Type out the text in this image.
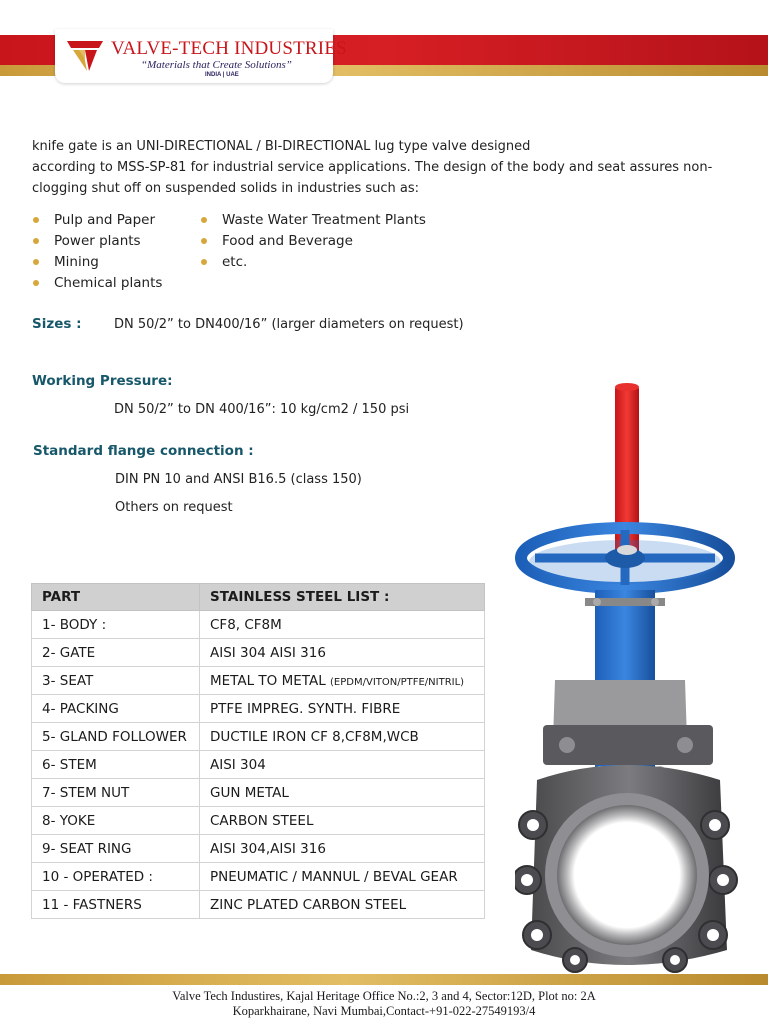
VALVE-TECH INDUSTRIES
“Materials that Create Solutions”
INDIA | UAE
knife gate is an UNI-DIRECTIONAL / BI-DIRECTIONAL lug type valve designed
according to MSS-SP-81 for industrial service applications. The design of the body and seat assures non-
clogging shut off on suspended solids in industries such as:
Pulp and Paper
Power plants
Mining
Chemical plants
Waste Water Treatment Plants
Food and Beverage
etc.
Sizes :	DN 50/2” to DN400/16” (larger diameters on request)
Working Pressure:
DN 50/2” to DN 400/16”: 10 kg/cm2 / 150 psi
Standard flange connection :
DIN PN 10 and ANSI B16.5 (class 150)
Others on request
PART	STAINLESS STEEL LIST :
1- BODY :	CF8, CF8M
2- GATE	AISI 304 AISI 316
3- SEAT	METAL TO METAL (EPDM/VITON/PTFE/NITRIL)
4- PACKING	PTFE IMPREG. SYNTH. FIBRE
5- GLAND FOLLOWER	DUCTILE IRON CF 8,CF8M,WCB
6- STEM	AISI 304
7- STEM NUT	GUN METAL
8- YOKE	CARBON STEEL
9- SEAT RING	AISI 304,AISI 316
10 - OPERATED :	PNEUMATIC / MANNUL / BEVAL GEAR
11 - FASTNERS	ZINC PLATED CARBON STEEL
Valve Tech Industires, Kajal Heritage Office No.:2, 3 and 4, Sector:12D, Plot no: 2A
Koparkhairane, Navi Mumbai,Contact-+91-022-27549193/4
